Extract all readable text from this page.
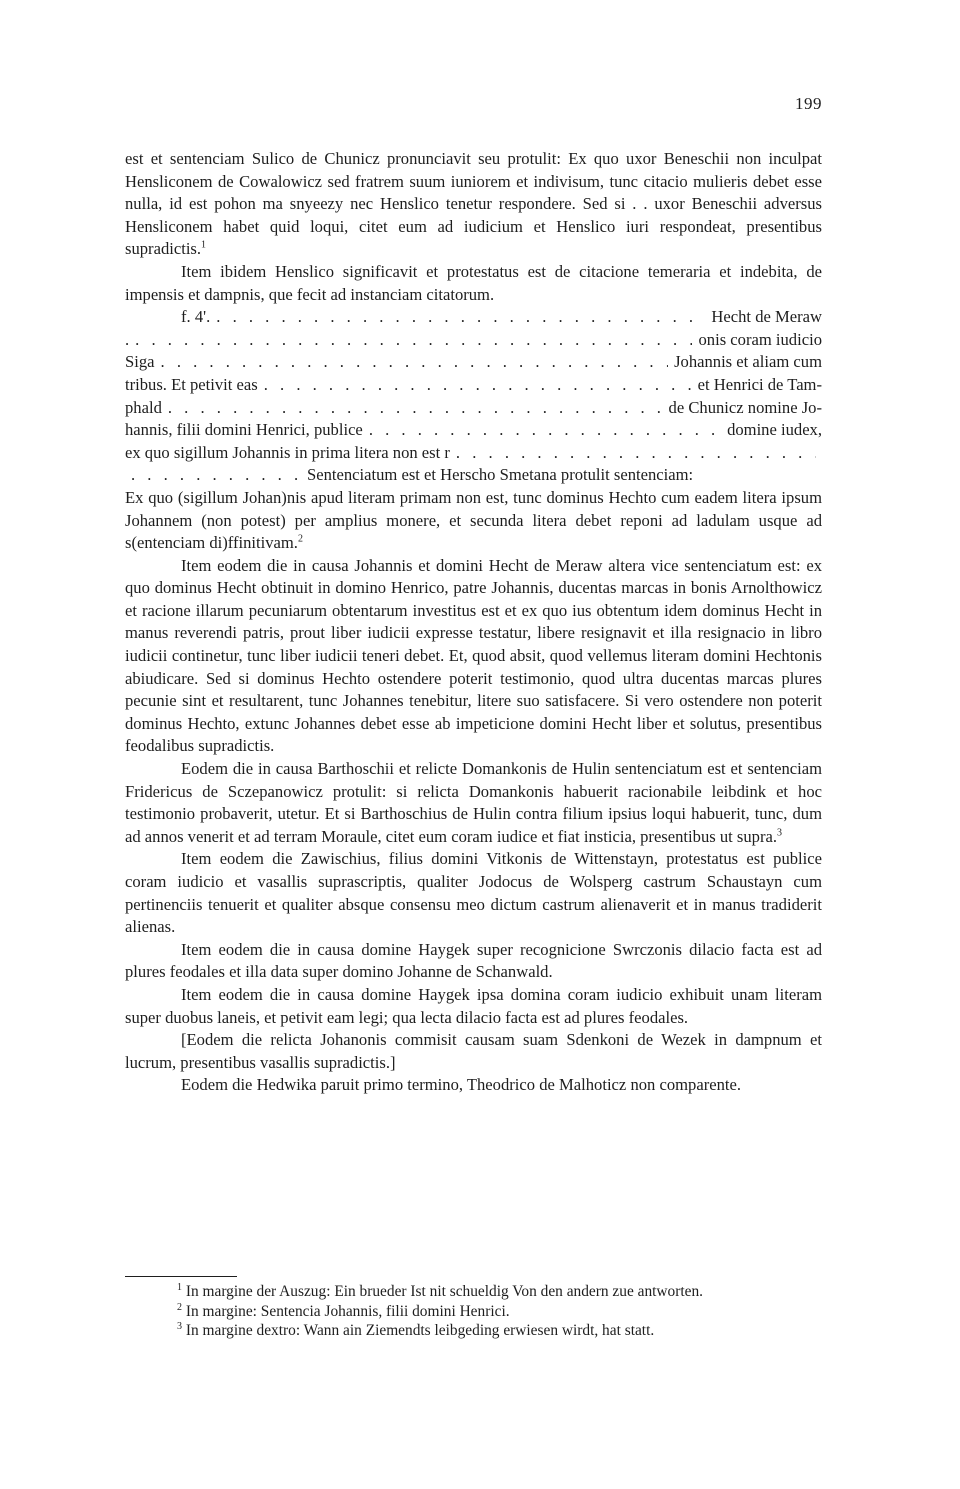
199

est et sentenciam Sulico de Chunicz pronunciavit seu protulit: Ex quo uxor Beneschii non inculpat Hensliconem de Cowalowicz sed fratrem suum iuniorem et indivisum, tunc citacio mulieris debet esse nulla, id est pohon ma snyeezy nec Henslico tenetur respondere. Sed si . . uxor Beneschii adversus Hensliconem habet quid loqui, citet eum ad iudicium et Henslico iuri respondeat, presentibus supradictis.$^1$

Item ibidem Henslico significavit et protestatus est de citacione temeraria et indebita, de impensis et dampnis, que fecit ad instanciam citatorum.

f. 4'. . . .	Hecht de Meraw
. . . .	onis coram iudicio
Siga . . .	Johannis et aliam cum
tribus. Et petivit eas . . .	et Henrici de Tam-
phald . . .	de Chunicz nomine Jo-
hannis, filii domini Henrici, publice . . .	domine iudex,
ex quo sigillum Johannis in prima litera non est r
. . .
. . .
Sentenciatum est et Herscho Smetana protulit sentenciam:

Ex quo (sigillum Johan)nis apud literam primam non est, tunc dominus Hechto cum eadem litera ipsum Johannem (non potest) per amplius monere, et secunda litera debet reponi ad ladulam usque ad s(entenciam di)ffinitivam.$^2$

Item eodem die in causa Johannis et domini Hecht de Meraw altera vice sentenciatum est: ex quo dominus Hecht obtinuit in domino Henrico, patre Johannis, ducentas marcas in bonis Arnolthowicz et racione illarum pecuniarum obtentarum investitus est et ex quo ius obtentum idem dominus Hecht in manus reverendi patris, prout liber iudicii expresse testatur, libere resignavit et illa resignacio in libro iudicii continetur, tunc liber iudicii teneri debet. Et, quod absit, quod vellemus literam domini Hechtonis abiudicare. Sed si dominus Hechto ostendere poterit testimonio, quod ultra ducentas marcas plures pecunie sint et resultarent, tunc Johannes tenebitur, litere suo satisfacere. Si vero ostendere non poterit dominus Hechto, extunc Johannes debet esse ab impeticione domini Hecht liber et solutus, presentibus feodalibus supradictis.

Eodem die in causa Barthoschii et relicte Domankonis de Hulin sentenciatum est et sentenciam Fridericus de Sczepanowicz protulit: si relicta Domankonis habuerit racionabile leibdink et hoc testimonio probaverit, utetur. Et si Barthoschius de Hulin contra filium ipsius loqui habuerit, tunc, dum ad annos venerit et ad terram Moraule, citet eum coram iudice et fiat insticia, presentibus ut supra.$^3$

Item eodem die Zawischius, filius domini Vitkonis de Wittenstayn, protestatus est publice coram iudicio et vasallis suprascriptis, qualiter Jodocus de Wolsperg castrum Schaustayn cum pertinenciis tenuerit et qualiter absque consensu meo dictum castrum alienaverit et in manus tradiderit alienas.

Item eodem die in causa domine Haygek super recognicione Swrczonis dilacio facta est ad plures feodales et illa data super domino Johanne de Schanwald.

Item eodem die in causa domine Haygek ipsa domina coram iudicio exhibuit unam literam super duobus laneis, et petivit eam legi; qua lecta dilacio facta est ad plures feodales.

[Eodem die relicta Johanonis commisit causam suam Sdenkoni de Wezek in dampnum et lucrum, presentibus vasallis supradictis.]

Eodem die Hedwika paruit primo termino, Theodrico de Malhoticz non comparente.

$^1$ In margine der Auszug: Ein brueder Ist nit schueldig Von den andern zue antworten.

$^2$ In margine: Sentencia Johannis, filii domini Henrici.

$^3$ In margine dextro: Wann ain Ziemendts leibgeding erwiesen wirdt, hat statt.
